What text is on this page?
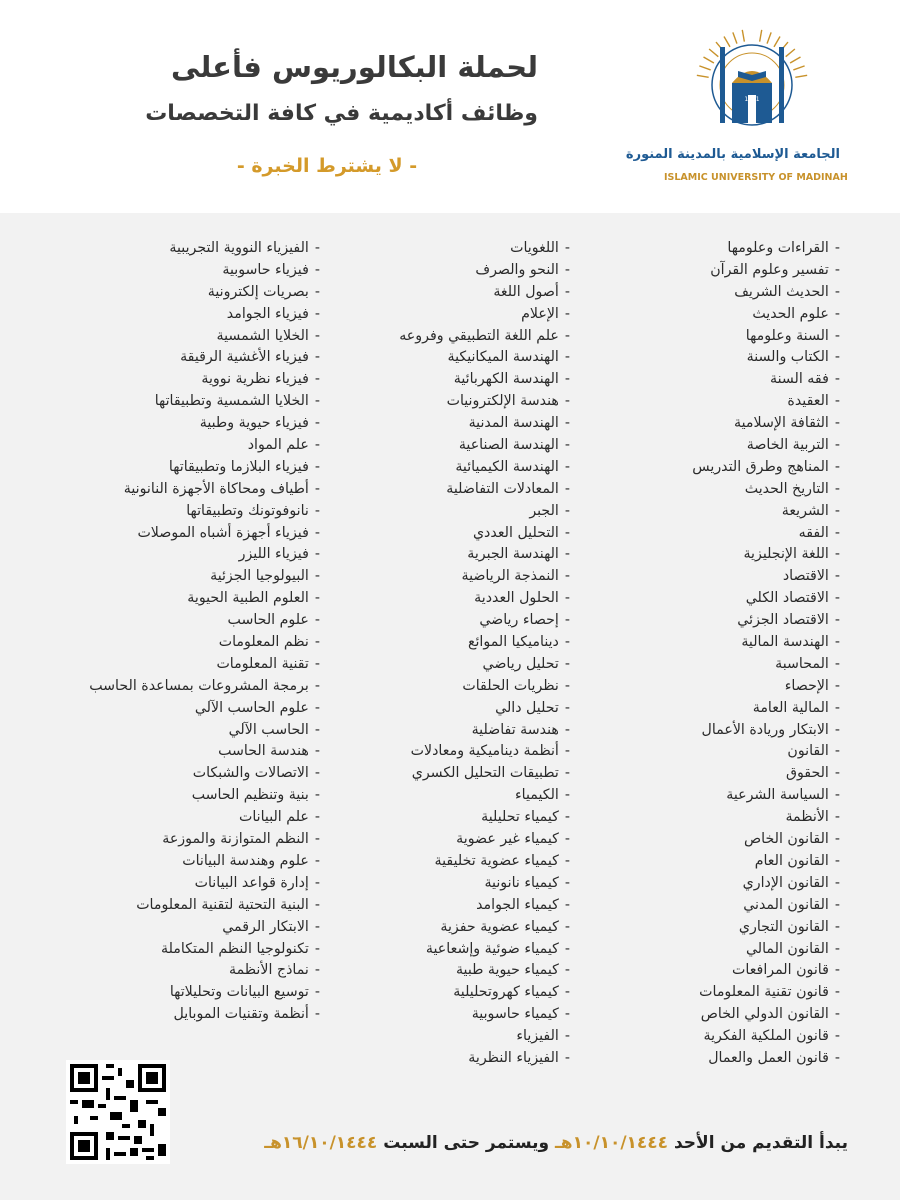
لحملة البكالوريوس فأعلى
وظائف أكاديمية في كافة التخصصات
- لا يشترط الخبرة -
1381
الجامعة الإسلامية بالمدينة المنورة
ISLAMIC UNIVERSITY OF MADINAH
-القراءات وعلومها
-تفسير وعلوم القرآن
-الحديث الشريف
-علوم الحديث
-السنة وعلومها
-الكتاب والسنة
-فقه السنة
-العقيدة
-الثقافة الإسلامية
-التربية الخاصة
-المناهج وطرق التدريس
-التاريخ الحديث
-الشريعة
-الفقه
-اللغة الإنجليزية
-الاقتصاد
-الاقتصاد الكلي
-الاقتصاد الجزئي
-الهندسة المالية
-المحاسبة
-الإحصاء
-المالية العامة
-الابتكار وريادة الأعمال
-القانون
-الحقوق
-السياسة الشرعية
-الأنظمة
-القانون الخاص
-القانون العام
-القانون الإداري
-القانون المدني
-القانون التجاري
-القانون المالي
-قانون المرافعات
-قانون تقنية المعلومات
-القانون الدولي الخاص
-قانون الملكية الفكرية
-قانون العمل والعمال
-اللغويات
-النحو والصرف
-أصول اللغة
-الإعلام
-علم اللغة التطبيقي وفروعه
-الهندسة الميكانيكية
-الهندسة الكهربائية
-هندسة الإلكترونيات
-الهندسة المدنية
-الهندسة الصناعية
-الهندسة الكيميائية
-المعادلات التفاضلية
-الجبر
-التحليل العددي
-الهندسة الجبرية
-النمذجة الرياضية
-الحلول العددية
-إحصاء رياضي
-ديناميكيا الموائع
-تحليل رياضي
-نظريات الحلقات
-تحليل دالي
-هندسة تفاضلية
-أنظمة ديناميكية ومعادلات
-تطبيقات التحليل الكسري
-الكيمياء
-كيمياء تحليلية
-كيمياء غير عضوية
-كيمياء عضوية تخليقية
-كيمياء نانونية
-كيمياء الجوامد
-كيمياء عضوية حفزية
-كيمياء ضوئية وإشعاعية
-كيمياء حيوية طبية
-كيمياء كهروتحليلية
-كيمياء حاسوبية
-الفيزياء
-الفيزياء النظرية
-الفيزياء النووية التجريبية
-فيزياء حاسوبية
-بصريات إلكترونية
-فيزياء الجوامد
-الخلايا الشمسية
-فيزياء الأغشية الرقيقة
-فيزياء نظرية نووية
-الخلايا الشمسية وتطبيقاتها
-فيزياء حيوية وطبية
-علم المواد
-فيزياء البلازما وتطبيقاتها
-أطياف ومحاكاة الأجهزة النانونية
-نانوفوتونك وتطبيقاتها
-فيزياء أجهزة أشباه الموصلات
-فيزياء الليزر
-البيولوجيا الجزئية
-العلوم الطبية الحيوية
-علوم الحاسب
-نظم المعلومات
-تقنية المعلومات
-برمجة المشروعات بمساعدة الحاسب
-علوم الحاسب الآلي
-الحاسب الآلي
-هندسة الحاسب
-الاتصالات والشبكات
-بنية وتنظيم الحاسب
-علم البيانات
-النظم المتوازنة والموزعة
-علوم وهندسة البيانات
-إدارة قواعد البيانات
-البنية التحتية لتقنية المعلومات
-الابتكار الرقمي
-تكنولوجيا النظم المتكاملة
-نماذج الأنظمة
-توسيع البيانات وتحليلاتها
-أنظمة وتقنيات الموبايل
يبدأ التقديم من الأحد ١٠/١٠/١٤٤٤هـ ويستمر حتى السبت ١٦/١٠/١٤٤٤هـ
